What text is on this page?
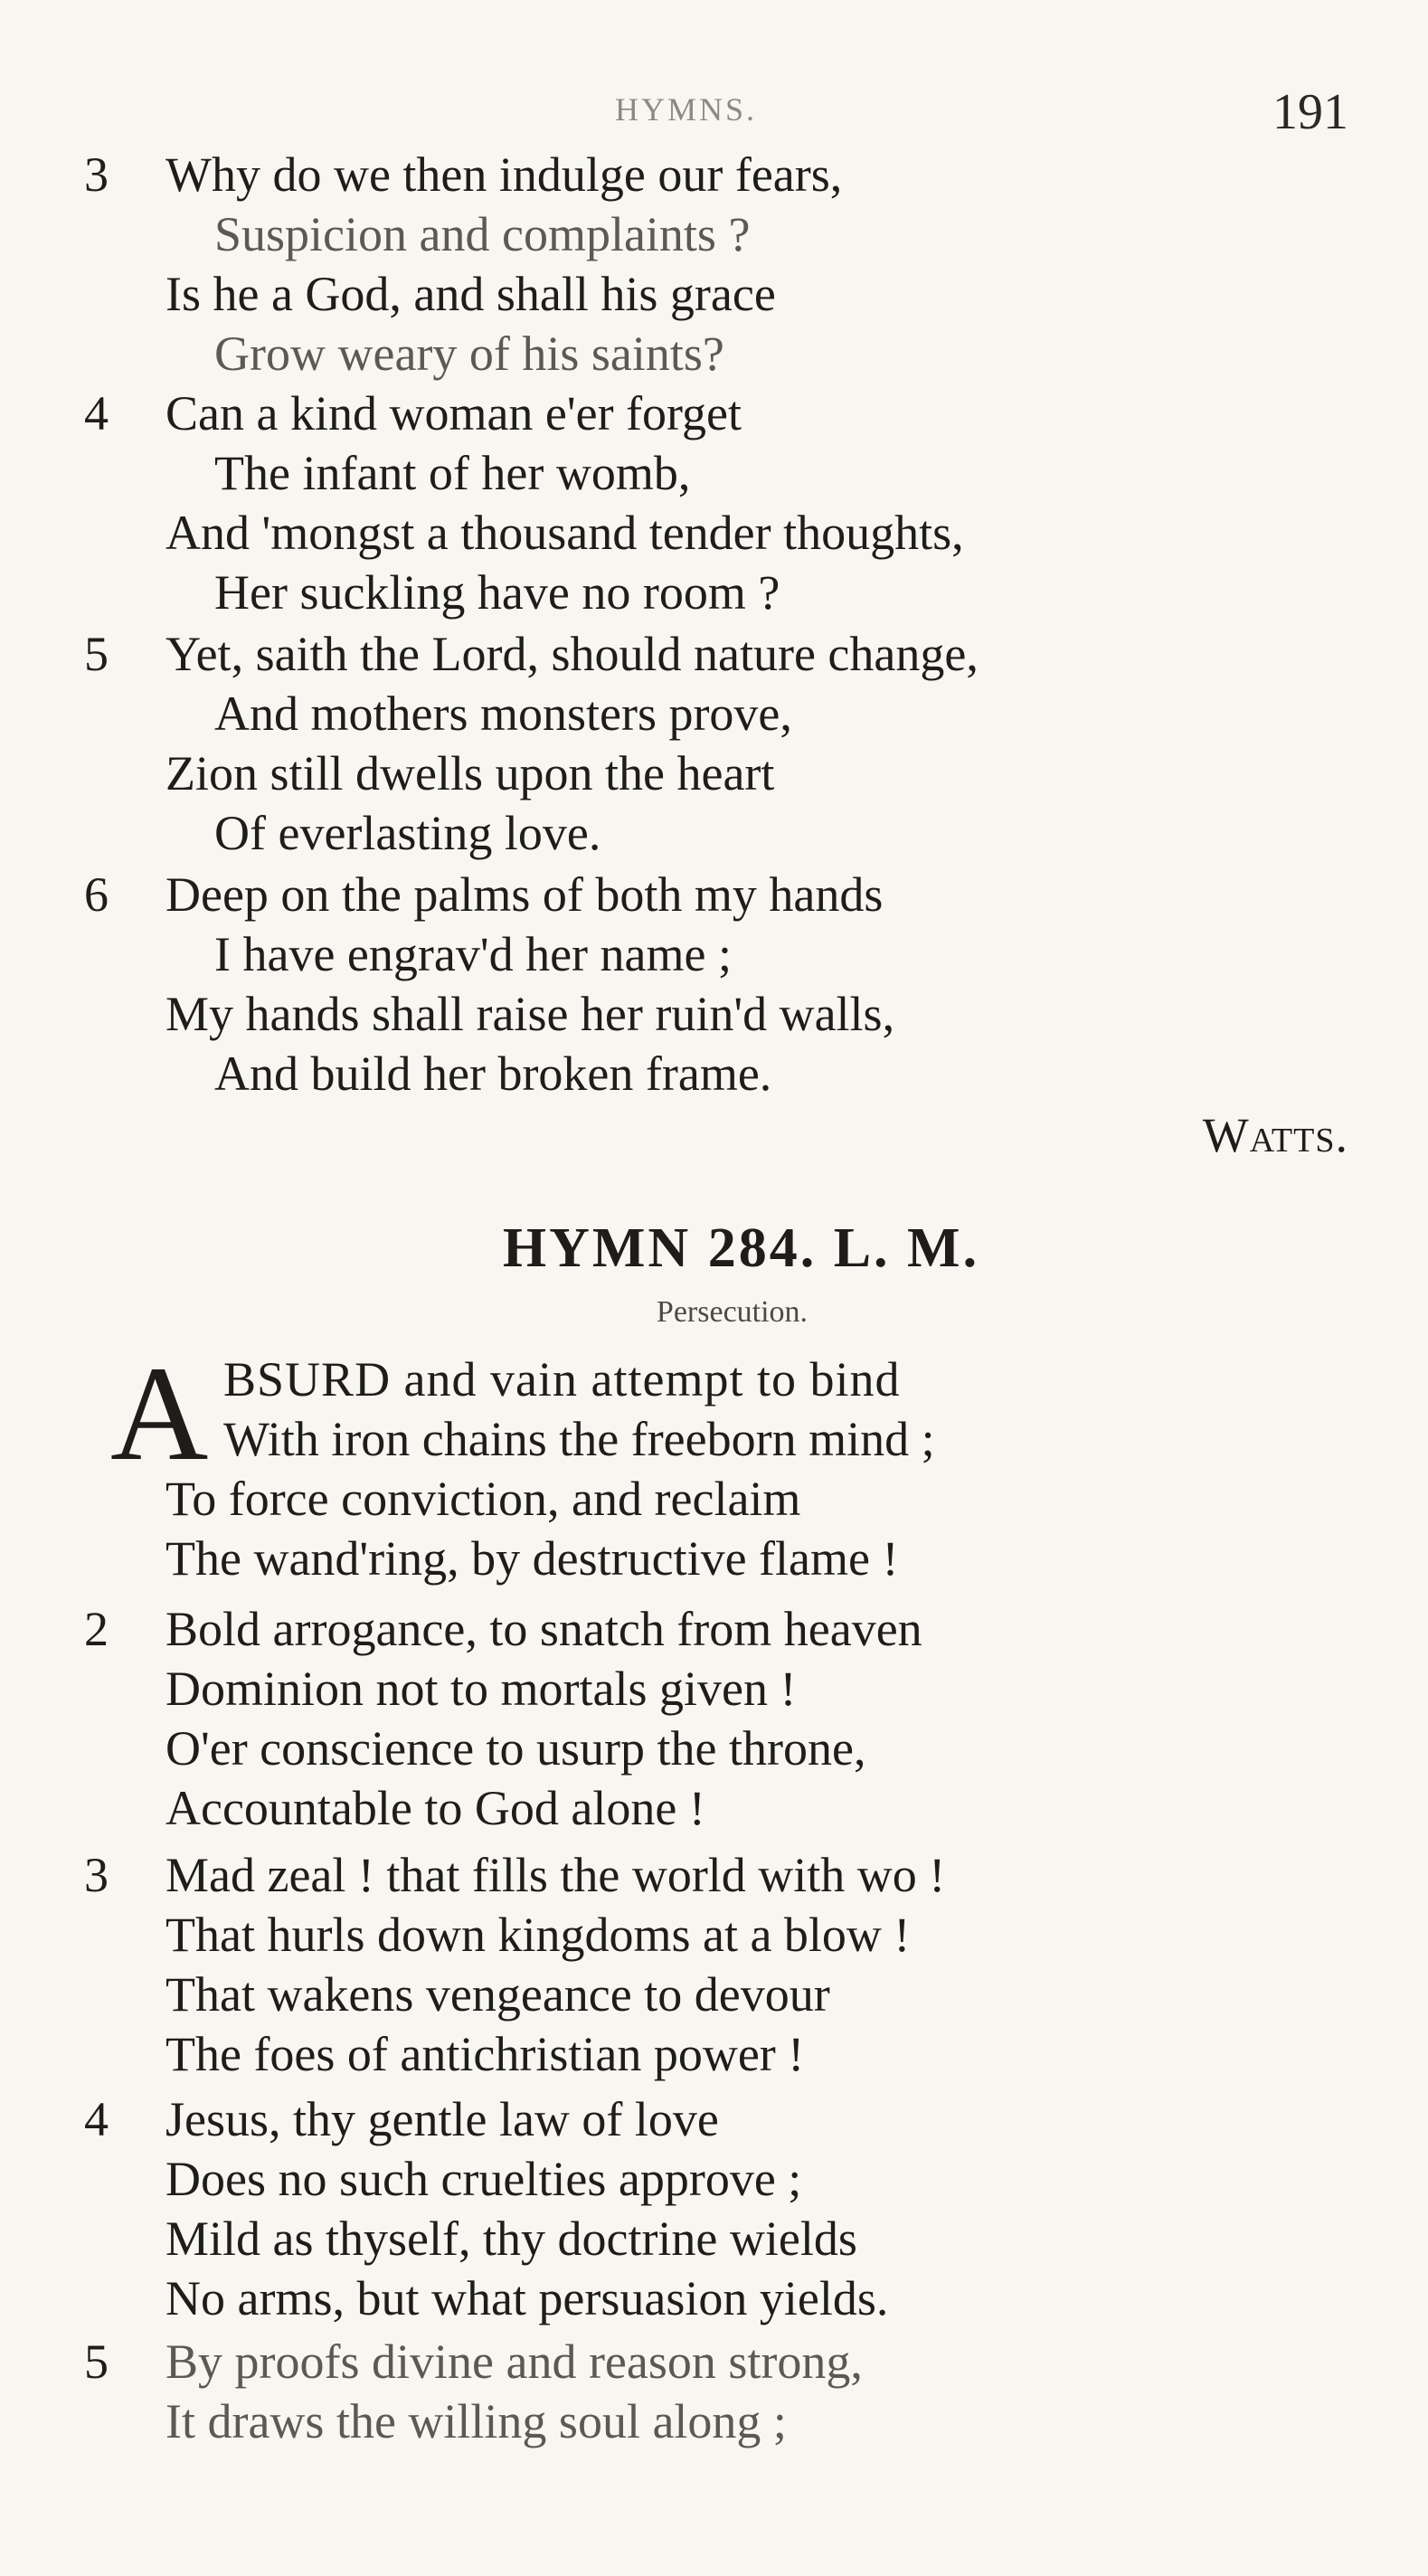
HYMNS.	191
3 Why do we then indulge our fears,
Suspicion and complaints ?
Is he a God, and shall his grace
Grow weary of his saints?
4 Can a kind woman e'er forget
The infant of her womb,
And 'mongst a thousand tender thoughts,
Her suckling have no room ?
5 Yet, saith the Lord, should nature change,
And mothers monsters prove,
Zion still dwells upon the heart
Of everlasting love.
6 Deep on the palms of both my hands
I have engrav'd her name ;
My hands shall raise her ruin'd walls,
And build her broken frame.
Watts.
HYMN 284. L. M.
Persecution.
A BSURD and vain attempt to bind
With iron chains the freeborn mind ;
To force conviction, and reclaim
The wand'ring, by destructive flame !
2 Bold arrogance, to snatch from heaven
Dominion not to mortals given !
O'er conscience to usurp the throne,
Accountable to God alone !
3 Mad zeal ! that fills the world with wo !
That hurls down kingdoms at a blow !
That wakens vengeance to devour
The foes of antichristian power !
4 Jesus, thy gentle law of love
Does no such cruelties approve ;
Mild as thyself, thy doctrine wields
No arms, but what persuasion yields.
5 By proofs divine and reason strong,
It draws the willing soul along ;
